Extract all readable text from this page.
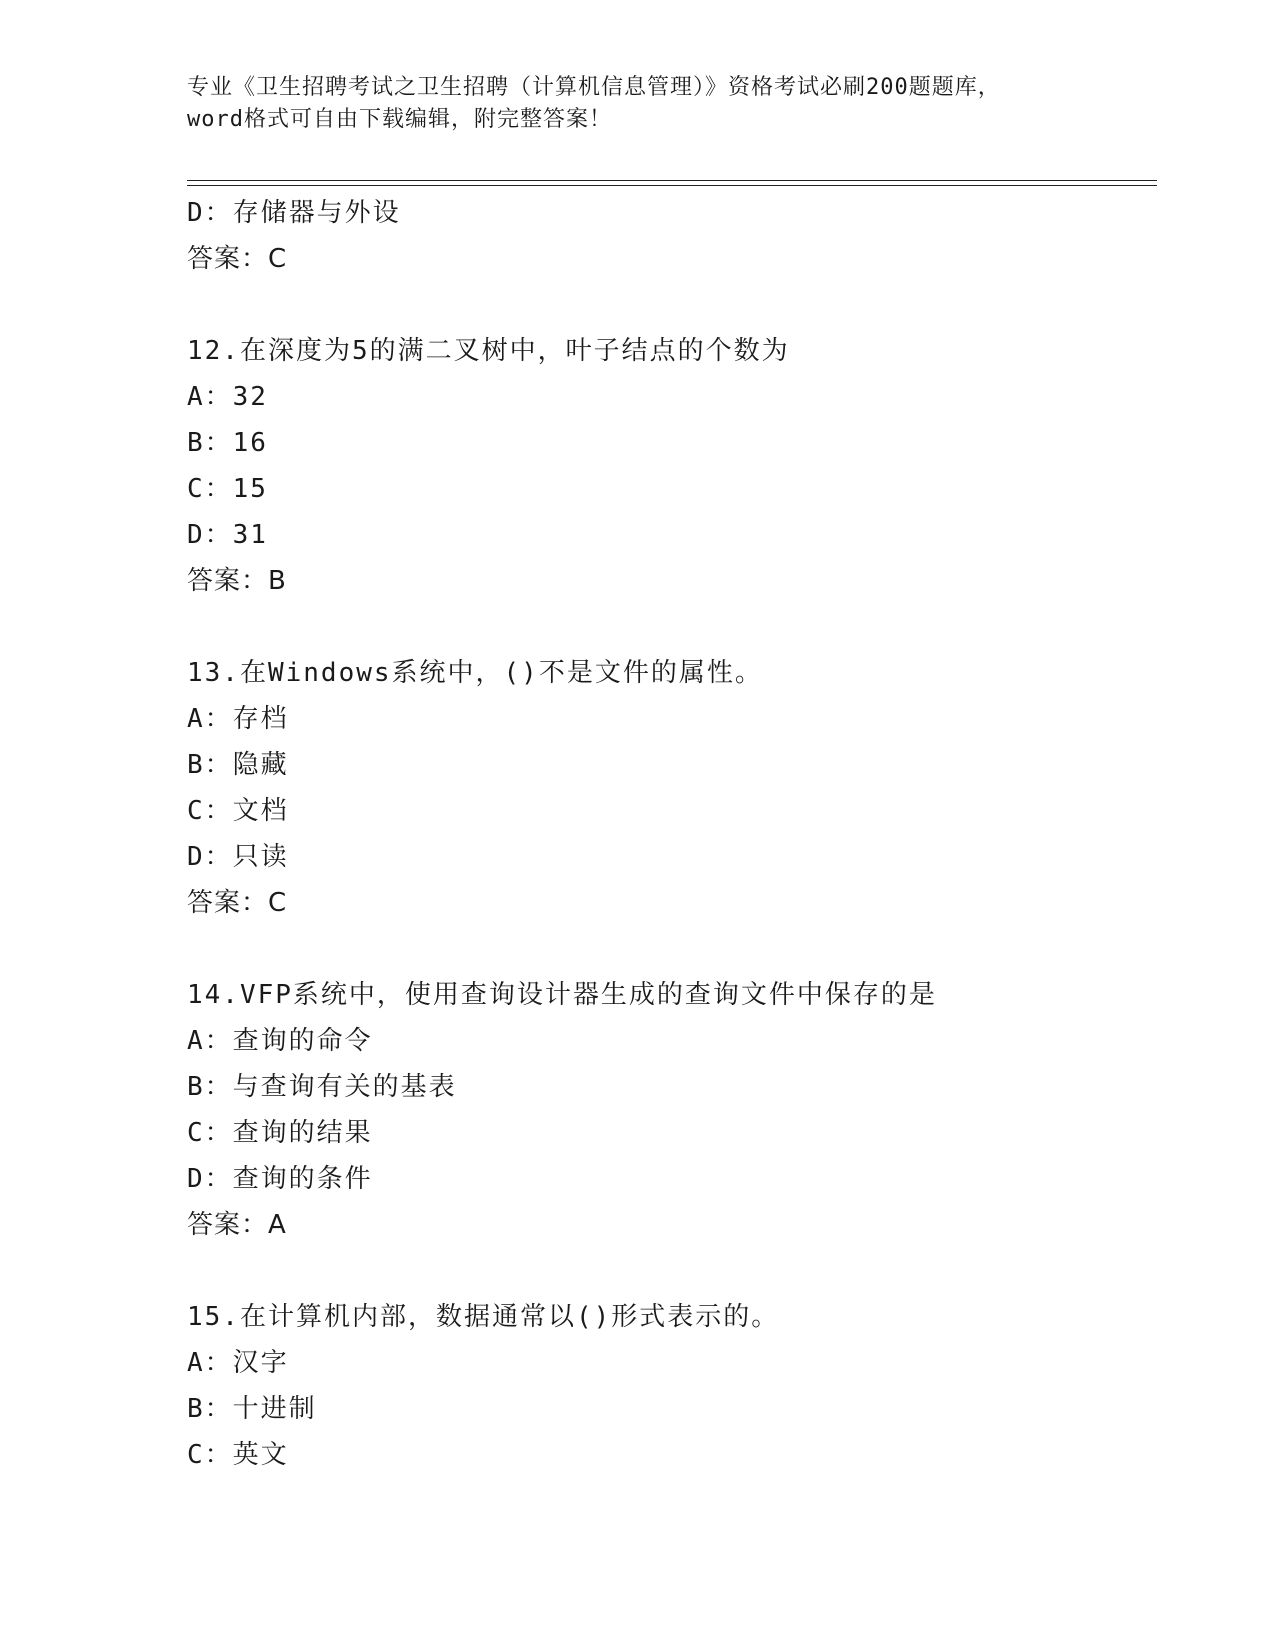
专业《卫生招聘考试之卫生招聘（计算机信息管理）》资格考试必刷200题题库，
word格式可自由下载编辑，附完整答案！
D：存储器与外设
答案：C
12.在深度为5的满二叉树中，叶子结点的个数为
A：32
B：16
C：15
D：31
答案：B
13.在Windows系统中，()不是文件的属性。
A：存档
B：隐藏
C：文档
D：只读
答案：C
14.VFP系统中，使用查询设计器生成的查询文件中保存的是
A：查询的命令
B：与查询有关的基表
C：查询的结果
D：查询的条件
答案：A
15.在计算机内部，数据通常以()形式表示的。
A：汉字
B：十进制
C：英文
